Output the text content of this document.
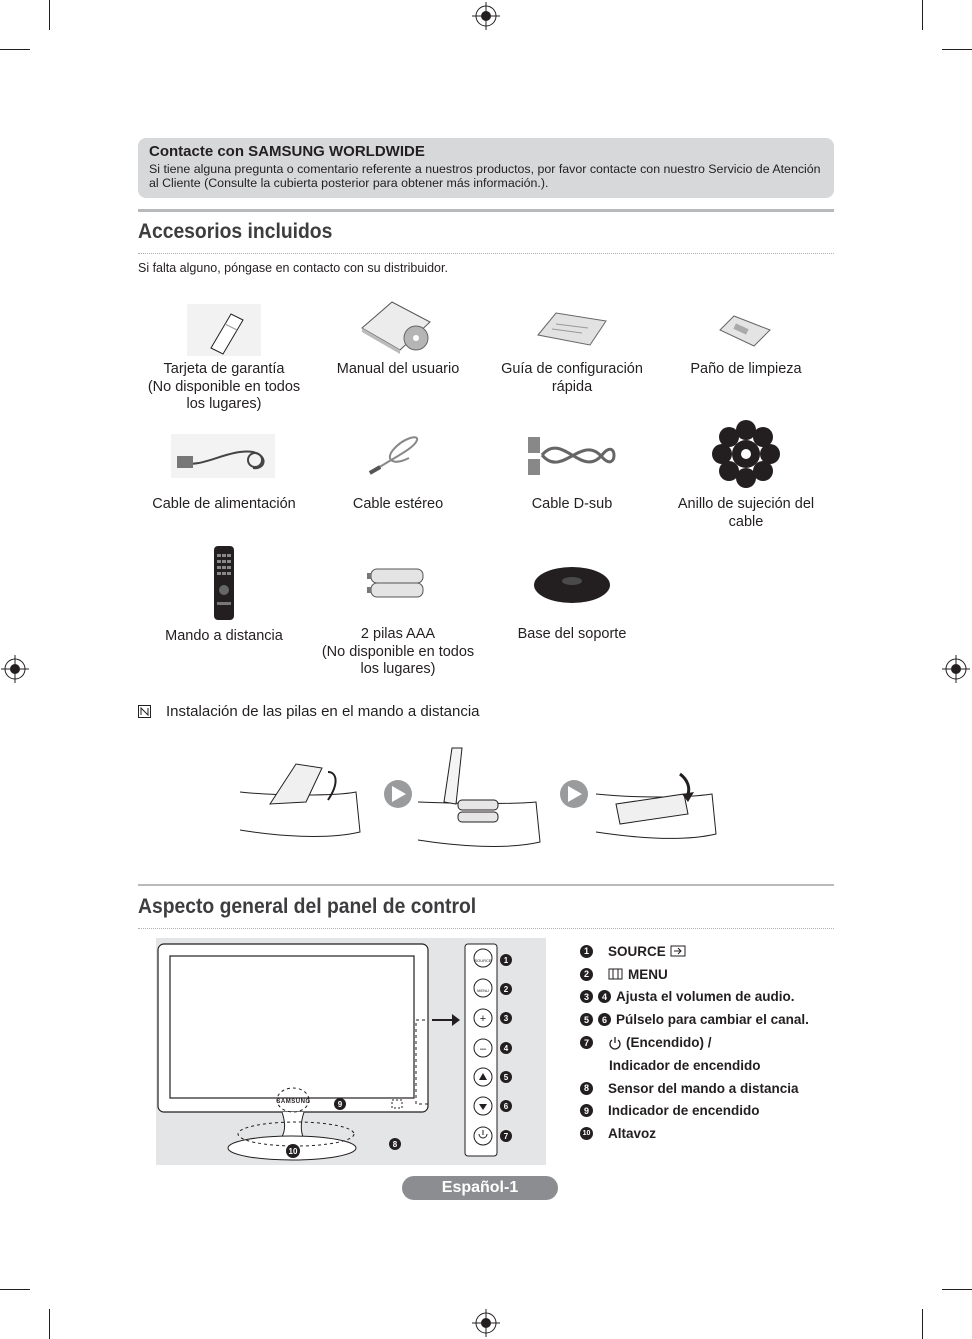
Contacte con SAMSUNG WORLDWIDE
Si tiene alguna pregunta o comentario referente a nuestros productos, por favor contacte con nuestro Servicio de Atención al Cliente (Consulte la cubierta posterior para obtener más información.).
Accesorios incluidos
Si falta alguno, póngase en contacto con su distribuidor.
Tarjeta de garantía
(No disponible en todos los lugares)
Manual del usuario	Guía de configuración rápida
Paño de limpieza
Cable de alimentación	Cable estéreo	Cable D-sub	Anillo de sujeción del cable
Mando a distancia	2 pilas AAA
(No disponible en todos los lugares)
Base del soporte
Instalación de las pilas en el mando a distancia
Aspecto general del panel de control
+
–
1
2
3
4
5
6
7
8
9
10
SAMSUNG
SOURCE
MENU
1 SOURCE
2	MENU
3	4 Ajusta el volumen de audio.
5	6 Púlselo para cambiar el canal.
7	(Encendido) /
Indicador de encendido
8 Sensor del mando a distancia
9 Indicador de encendido
10 Altavoz
Español-1
